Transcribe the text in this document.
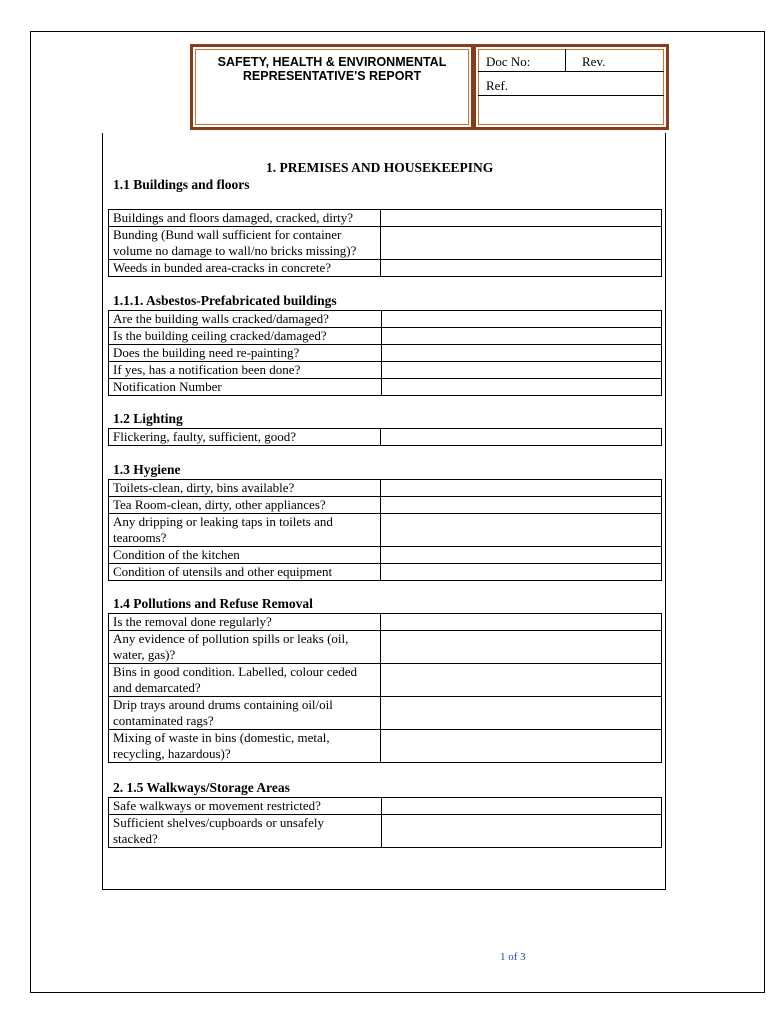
SAFETY, HEALTH & ENVIRONMENTAL
REPRESENTATIVE'S REPORT
Doc No:	Rev.
Ref.
1. PREMISES AND HOUSEKEEPING
1.1 Buildings and floors
Buildings and floors damaged, cracked, dirty?	
Bunding (Bund wall sufficient for container
volume no damage to wall/no bricks missing)?	
Weeds in bunded area-cracks in concrete?	
1.1.1. Asbestos-Prefabricated buildings
Are the building walls cracked/damaged?	
Is the building ceiling cracked/damaged?	
Does the building need re-painting?	
If yes, has a notification been done?	
Notification Number	
1.2 Lighting
Flickering, faulty, sufficient, good?	
1.3 Hygiene
Toilets-clean, dirty, bins available?	
Tea Room-clean, dirty, other appliances?	
Any dripping or leaking taps in toilets and
tearooms?	
Condition of the kitchen	
Condition of utensils and other equipment	
1.4 Pollutions and Refuse Removal
Is the removal done regularly?	
Any evidence of pollution spills or leaks (oil,
water, gas)?	
Bins in good condition. Labelled, colour ceded
and demarcated?	
Drip trays around drums containing oil/oil
contaminated rags?	
Mixing of waste in bins (domestic, metal,
recycling, hazardous)?	
2. 1.5 Walkways/Storage Areas
Safe walkways or movement restricted?	
Sufficient shelves/cupboards or unsafely
stacked?	
1 of 3
